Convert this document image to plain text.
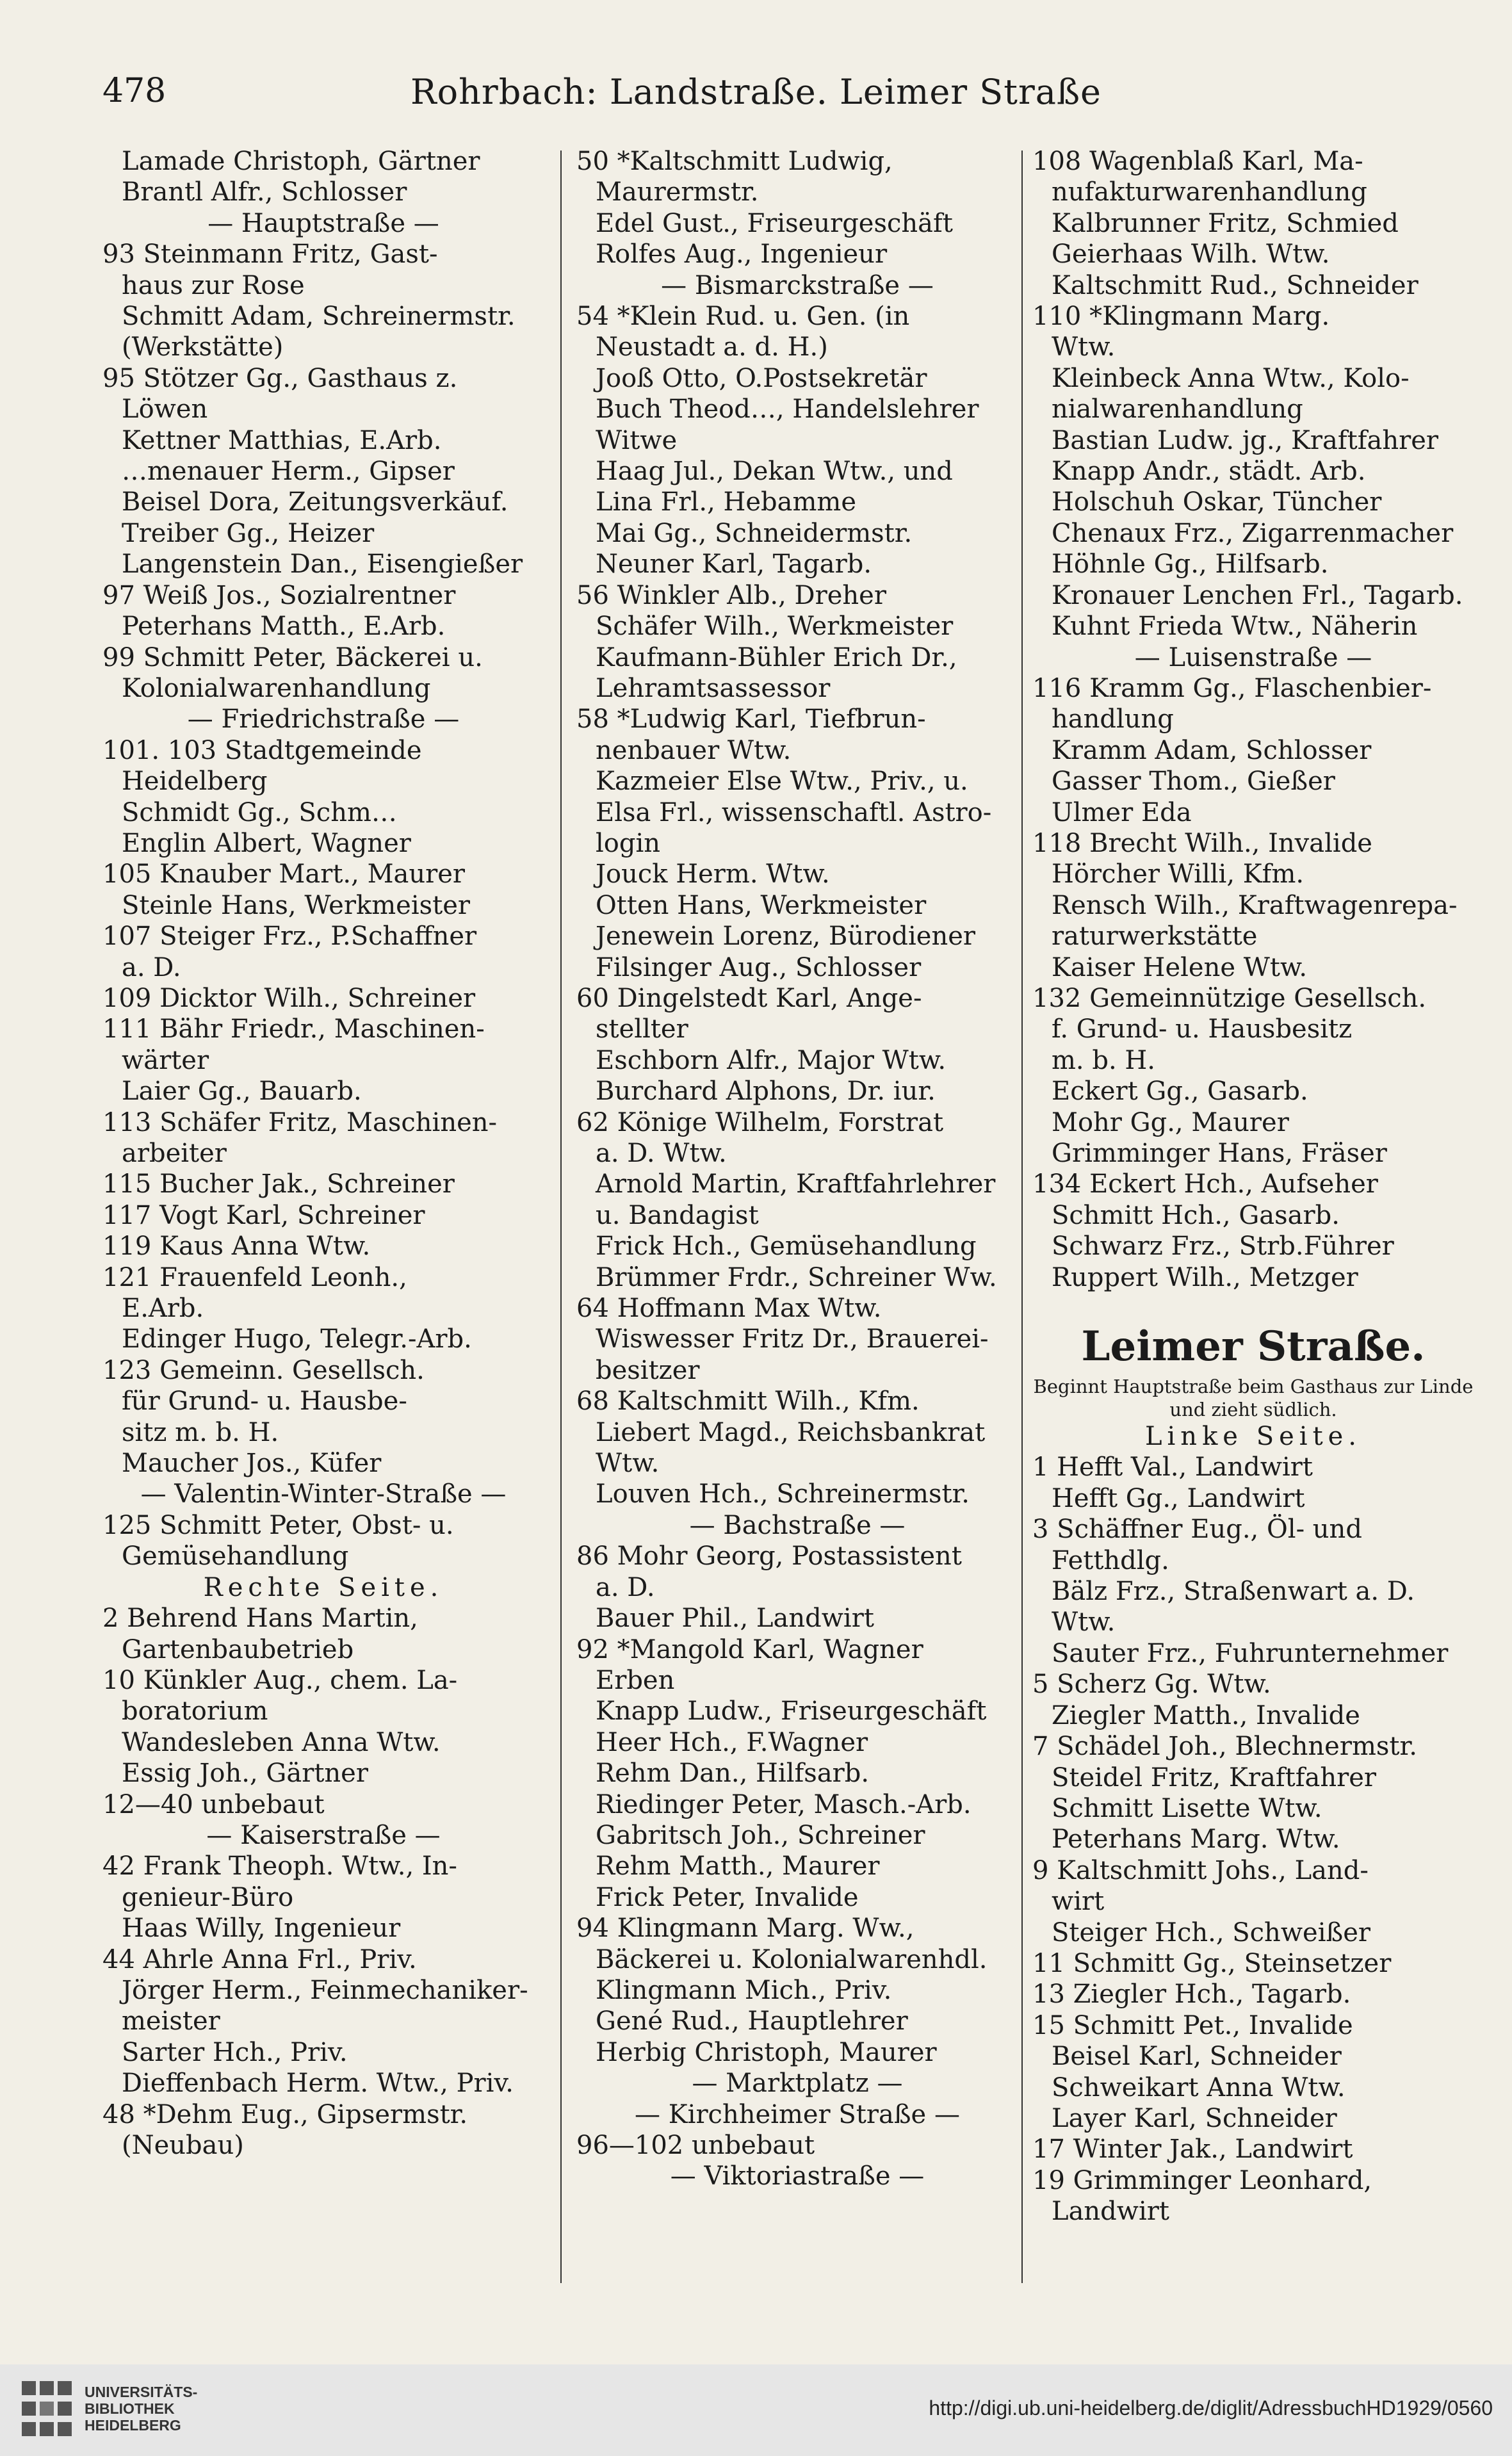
478	Rohrbach: Landstraße. Leimer Straße
Lamade Christoph, Gärtner
Brantl Alfr., Schlosser
— Hauptstraße —
93 Steinmann Fritz, Gast-
haus zur Rose
Schmitt Adam, Schreinermstr.
(Werkstätte)
95 Stötzer Gg., Gasthaus z.
Löwen
Kettner Matthias, E.Arb.
…menauer Herm., Gipser
Beisel Dora, Zeitungsverkäuf.
Treiber Gg., Heizer
Langenstein Dan., Eisengießer
97 Weiß Jos., Sozialrentner
Peterhans Matth., E.Arb.
99 Schmitt Peter, Bäckerei u.
Kolonialwarenhandlung
— Friedrichstraße —
101. 103 Stadtgemeinde
Heidelberg
Schmidt Gg., Schm…
Englin Albert, Wagner
105 Knauber Mart., Maurer
Steinle Hans, Werkmeister
107 Steiger Frz., P.Schaffner
a. D.
109 Dicktor Wilh., Schreiner
111 Bähr Friedr., Maschinen-
wärter
Laier Gg., Bauarb.
113 Schäfer Fritz, Maschinen-
arbeiter
115 Bucher Jak., Schreiner
117 Vogt Karl, Schreiner
119 Kaus Anna Wtw.
121 Frauenfeld Leonh.,
E.Arb.
Edinger Hugo, Telegr.-Arb.
123 Gemeinn. Gesellsch.
für Grund- u. Hausbe-
sitz m. b. H.
Maucher Jos., Küfer
— Valentin-Winter-Straße —
125 Schmitt Peter, Obst- u.
Gemüsehandlung
Rechte Seite.
2 Behrend Hans Martin,
Gartenbaubetrieb
10 Künkler Aug., chem. La-
boratorium
Wandesleben Anna Wtw.
Essig Joh., Gärtner
12—40 unbebaut
— Kaiserstraße —
42 Frank Theoph. Wtw., In-
genieur-Büro
Haas Willy, Ingenieur
44 Ahrle Anna Frl., Priv.
Jörger Herm., Feinmechaniker-
meister
Sarter Hch., Priv.
Dieffenbach Herm. Wtw., Priv.
48 *Dehm Eug., Gipsermstr.
(Neubau)
50 *Kaltschmitt Ludwig,
Maurermstr.
Edel Gust., Friseurgeschäft
Rolfes Aug., Ingenieur
— Bismarckstraße —
54 *Klein Rud. u. Gen. (in
Neustadt a. d. H.)
Jooß Otto, O.Postsekretär
Buch Theod…, Handelslehrer
Witwe
Haag Jul., Dekan Wtw., und
Lina Frl., Hebamme
Mai Gg., Schneidermstr.
Neuner Karl, Tagarb.
56 Winkler Alb., Dreher
Schäfer Wilh., Werkmeister
Kaufmann-Bühler Erich Dr.,
Lehramtsassessor
58 *Ludwig Karl, Tiefbrun-
nenbauer Wtw.
Kazmeier Else Wtw., Priv., u.
Elsa Frl., wissenschaftl. Astro-
login
Jouck Herm. Wtw.
Otten Hans, Werkmeister
Jenewein Lorenz, Bürodiener
Filsinger Aug., Schlosser
60 Dingelstedt Karl, Ange-
stellter
Eschborn Alfr., Major Wtw.
Burchard Alphons, Dr. iur.
62 Könige Wilhelm, Forstrat
a. D. Wtw.
Arnold Martin, Kraftfahrlehrer
u. Bandagist
Frick Hch., Gemüsehandlung
Brümmer Frdr., Schreiner Ww.
64 Hoffmann Max Wtw.
Wiswesser Fritz Dr., Brauerei-
besitzer
68 Kaltschmitt Wilh., Kfm.
Liebert Magd., Reichsbankrat
Wtw.
Louven Hch., Schreinermstr.
— Bachstraße —
86 Mohr Georg, Postassistent
a. D.
Bauer Phil., Landwirt
92 *Mangold Karl, Wagner
Erben
Knapp Ludw., Friseurgeschäft
Heer Hch., F.Wagner
Rehm Dan., Hilfsarb.
Riedinger Peter, Masch.-Arb.
Gabritsch Joh., Schreiner
Rehm Matth., Maurer
Frick Peter, Invalide
94 Klingmann Marg. Ww.,
Bäckerei u. Kolonialwarenhdl.
Klingmann Mich., Priv.
Gené Rud., Hauptlehrer
Herbig Christoph, Maurer
— Marktplatz —
— Kirchheimer Straße —
96—102 unbebaut
— Viktoriastraße —
108 Wagenblaß Karl, Ma-
nufakturwarenhandlung
Kalbrunner Fritz, Schmied
Geierhaas Wilh. Wtw.
Kaltschmitt Rud., Schneider
110 *Klingmann Marg.
Wtw.
Kleinbeck Anna Wtw., Kolo-
nialwarenhandlung
Bastian Ludw. jg., Kraftfahrer
Knapp Andr., städt. Arb.
Holschuh Oskar, Tüncher
Chenaux Frz., Zigarrenmacher
Höhnle Gg., Hilfsarb.
Kronauer Lenchen Frl., Tagarb.
Kuhnt Frieda Wtw., Näherin
— Luisenstraße —
116 Kramm Gg., Flaschenbier-
handlung
Kramm Adam, Schlosser
Gasser Thom., Gießer
Ulmer Eda
118 Brecht Wilh., Invalide
Hörcher Willi, Kfm.
Rensch Wilh., Kraftwagenrepa-
raturwerkstätte
Kaiser Helene Wtw.
132 Gemeinnützige Gesellsch.
f. Grund- u. Hausbesitz
m. b. H.
Eckert Gg., Gasarb.
Mohr Gg., Maurer
Grimminger Hans, Fräser
134 Eckert Hch., Aufseher
Schmitt Hch., Gasarb.
Schwarz Frz., Strb.Führer
Ruppert Wilh., Metzger
Leimer Straße.
Beginnt Hauptstraße beim Gasthaus zur Linde und zieht südlich.
Linke Seite.
1 Hefft Val., Landwirt
Hefft Gg., Landwirt
3 Schäffner Eug., Öl- und
Fetthdlg.
Bälz Frz., Straßenwart a. D.
Wtw.
Sauter Frz., Fuhrunternehmer
5 Scherz Gg. Wtw.
Ziegler Matth., Invalide
7 Schädel Joh., Blechnermstr.
Steidel Fritz, Kraftfahrer
Schmitt Lisette Wtw.
Peterhans Marg. Wtw.
9 Kaltschmitt Johs., Land-
wirt
Steiger Hch., Schweißer
11 Schmitt Gg., Steinsetzer
13 Ziegler Hch., Tagarb.
15 Schmitt Pet., Invalide
Beisel Karl, Schneider
Schweikart Anna Wtw.
Layer Karl, Schneider
17 Winter Jak., Landwirt
19 Grimminger Leonhard,
Landwirt
UNIVERSITÄTS-
BIBLIOTHEK
HEIDELBERG
http://digi.ub.uni-heidelberg.de/diglit/AdressbuchHD1929/0560
